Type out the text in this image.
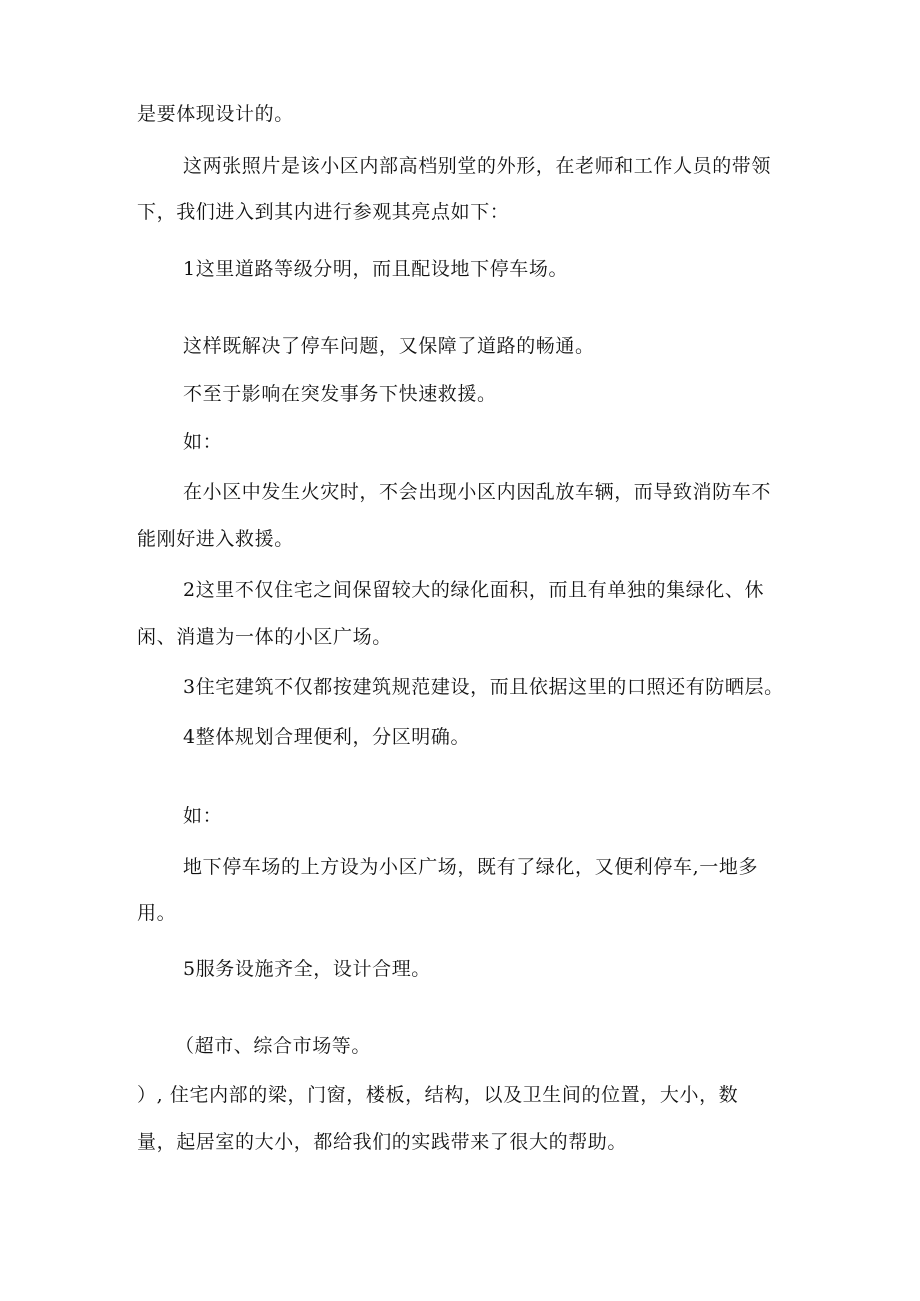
是要体现设计的。
这两张照片是该小区内部高档别堂的外形，在老师和工作人员的带领
下，我们进入到其内进行参观其亮点如下：
1这里道路等级分明，而且配设地下停车场。
这样既解决了停车问题，又保障了道路的畅通。
不至于影响在突发事务下快速救援。
如：
在小区中发生火灾时，不会出现小区内因乱放车辆，而导致消防车不
能刚好进入救援。
2这里不仅住宅之间保留较大的绿化面积，而且有单独的集绿化、休
闲、消遣为一体的小区广场。
3住宅建筑不仅都按建筑规范建设，而且依据这里的口照还有防晒层。
4整体规划合理便利，分区明确。
如：
地下停车场的上方设为小区广场，既有了绿化，又便利停车,一地多
用。
5服务设施齐全，设计合理。
（超市、综合市场等。
）, 住宅内部的梁，门窗，楼板，结构，以及卫生间的位置，大小，数
量，起居室的大小，都给我们的实践带来了很大的帮助。
